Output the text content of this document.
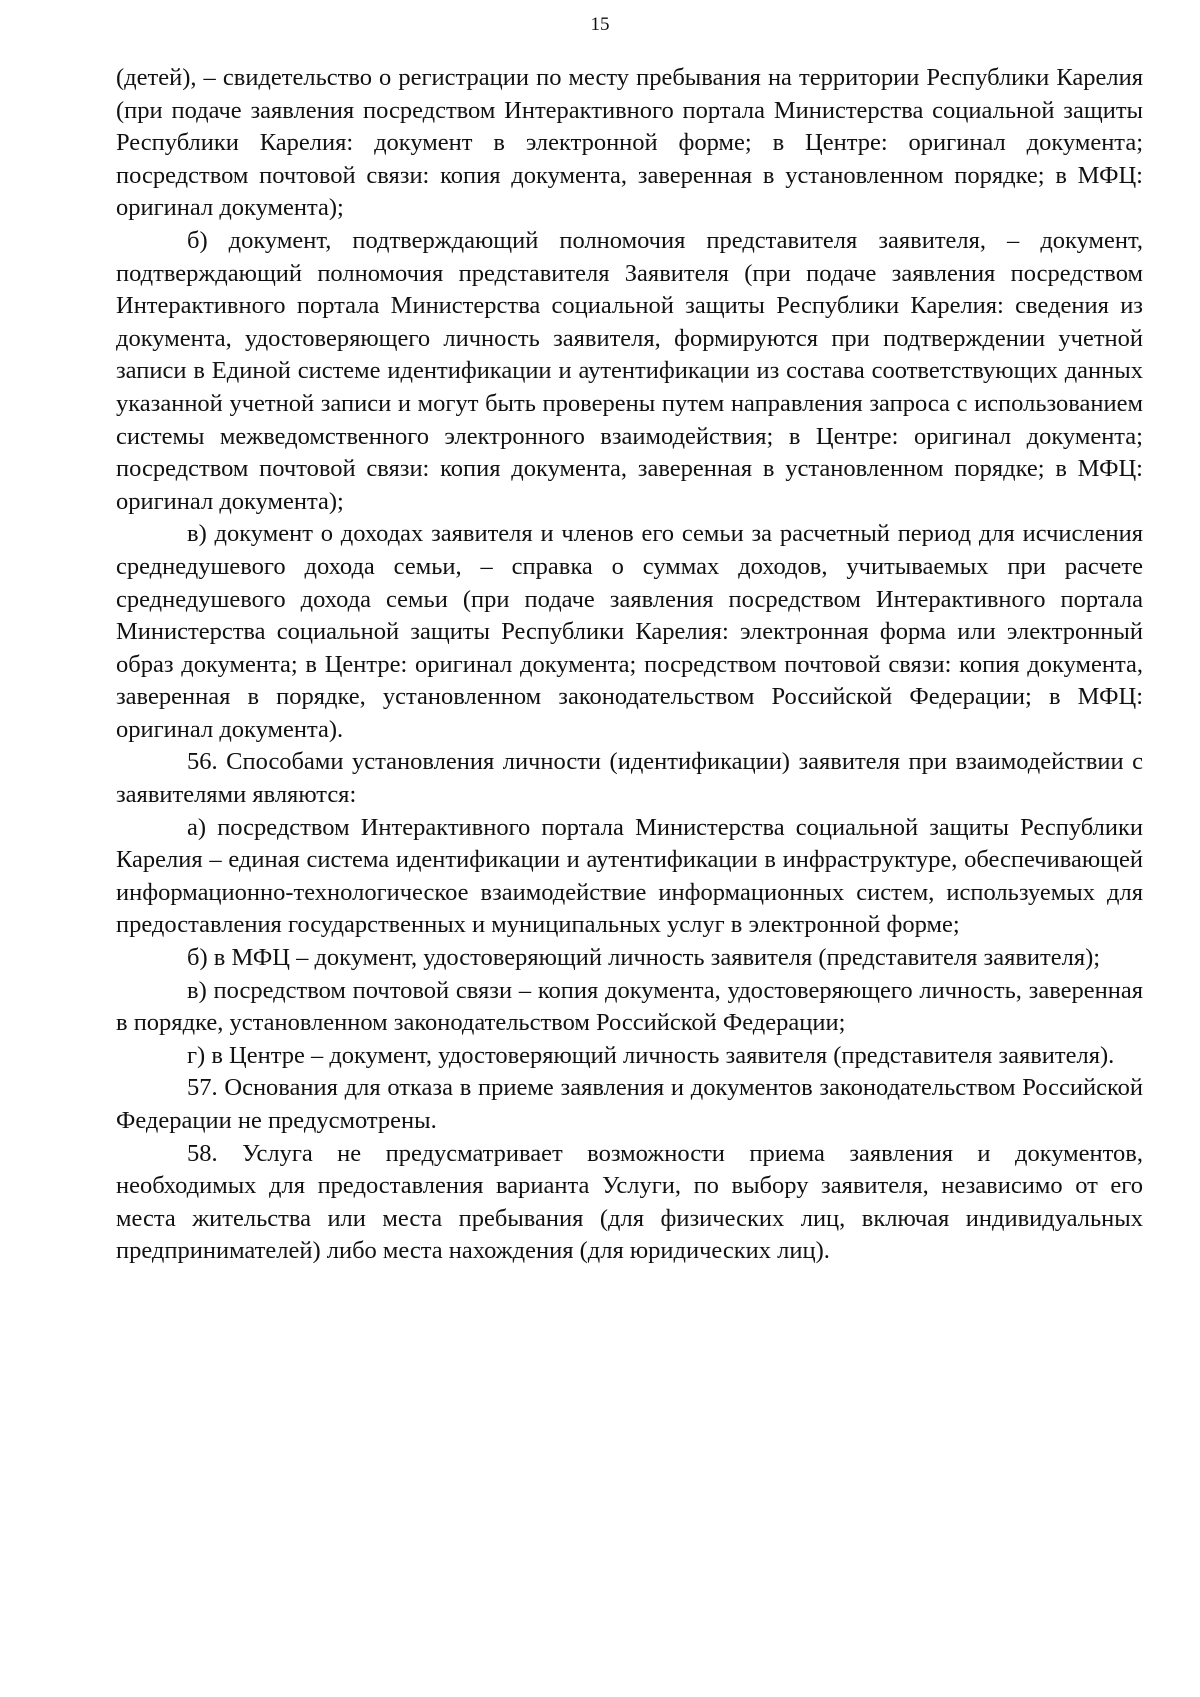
15

(детей), – свидетельство о регистрации по месту пребывания на территории Республики Карелия (при подаче заявления посредством Интерактивного портала Министерства социальной защиты Республики Карелия: документ в электронной форме; в Центре: оригинал документа; посредством почтовой связи: копия документа, заверенная в установленном порядке; в МФЦ: оригинал документа);

б) документ, подтверждающий полномочия представителя заявителя, – документ, подтверждающий полномочия представителя Заявителя (при подаче заявления посредством Интерактивного портала Министерства социальной защиты Республики Карелия: сведения из документа, удостоверяющего личность заявителя, формируются при подтверждении учетной записи в Единой системе идентификации и аутентификации из состава соответствующих данных указанной учетной записи и могут быть проверены путем направления запроса с использованием системы межведомственного электронного взаимодействия; в Центре: оригинал документа; посредством почтовой связи: копия документа, заверенная в установленном порядке; в МФЦ: оригинал документа);

в) документ о доходах заявителя и членов его семьи за расчетный период для исчисления среднедушевого дохода семьи, – справка о суммах доходов, учитываемых при расчете среднедушевого дохода семьи (при подаче заявления посредством Интерактивного портала Министерства социальной защиты Республики Карелия: электронная форма или электронный образ документа; в Центре: оригинал документа; посредством почтовой связи: копия документа, заверенная в порядке, установленном законодательством Российской Федерации; в МФЦ: оригинал документа).

56. Способами установления личности (идентификации) заявителя при взаимодействии с заявителями являются:

а) посредством Интерактивного портала Министерства социальной защиты Республики Карелия – единая система идентификации и аутентификации в инфраструктуре, обеспечивающей информационно-технологическое взаимодействие информационных систем, используемых для предоставления государственных и муниципальных услуг в электронной форме;

б) в МФЦ – документ, удостоверяющий личность заявителя (представителя заявителя);

в) посредством почтовой связи – копия документа, удостоверяющего личность, заверенная в порядке, установленном законодательством Российской Федерации;

г) в Центре – документ, удостоверяющий личность заявителя (представителя заявителя).

57. Основания для отказа в приеме заявления и документов законодательством Российской Федерации не предусмотрены.

58. Услуга не предусматривает возможности приема заявления и документов, необходимых для предоставления варианта Услуги, по выбору заявителя, независимо от его места жительства или места пребывания (для физических лиц, включая индивидуальных предпринимателей) либо места нахождения (для юридических лиц).
